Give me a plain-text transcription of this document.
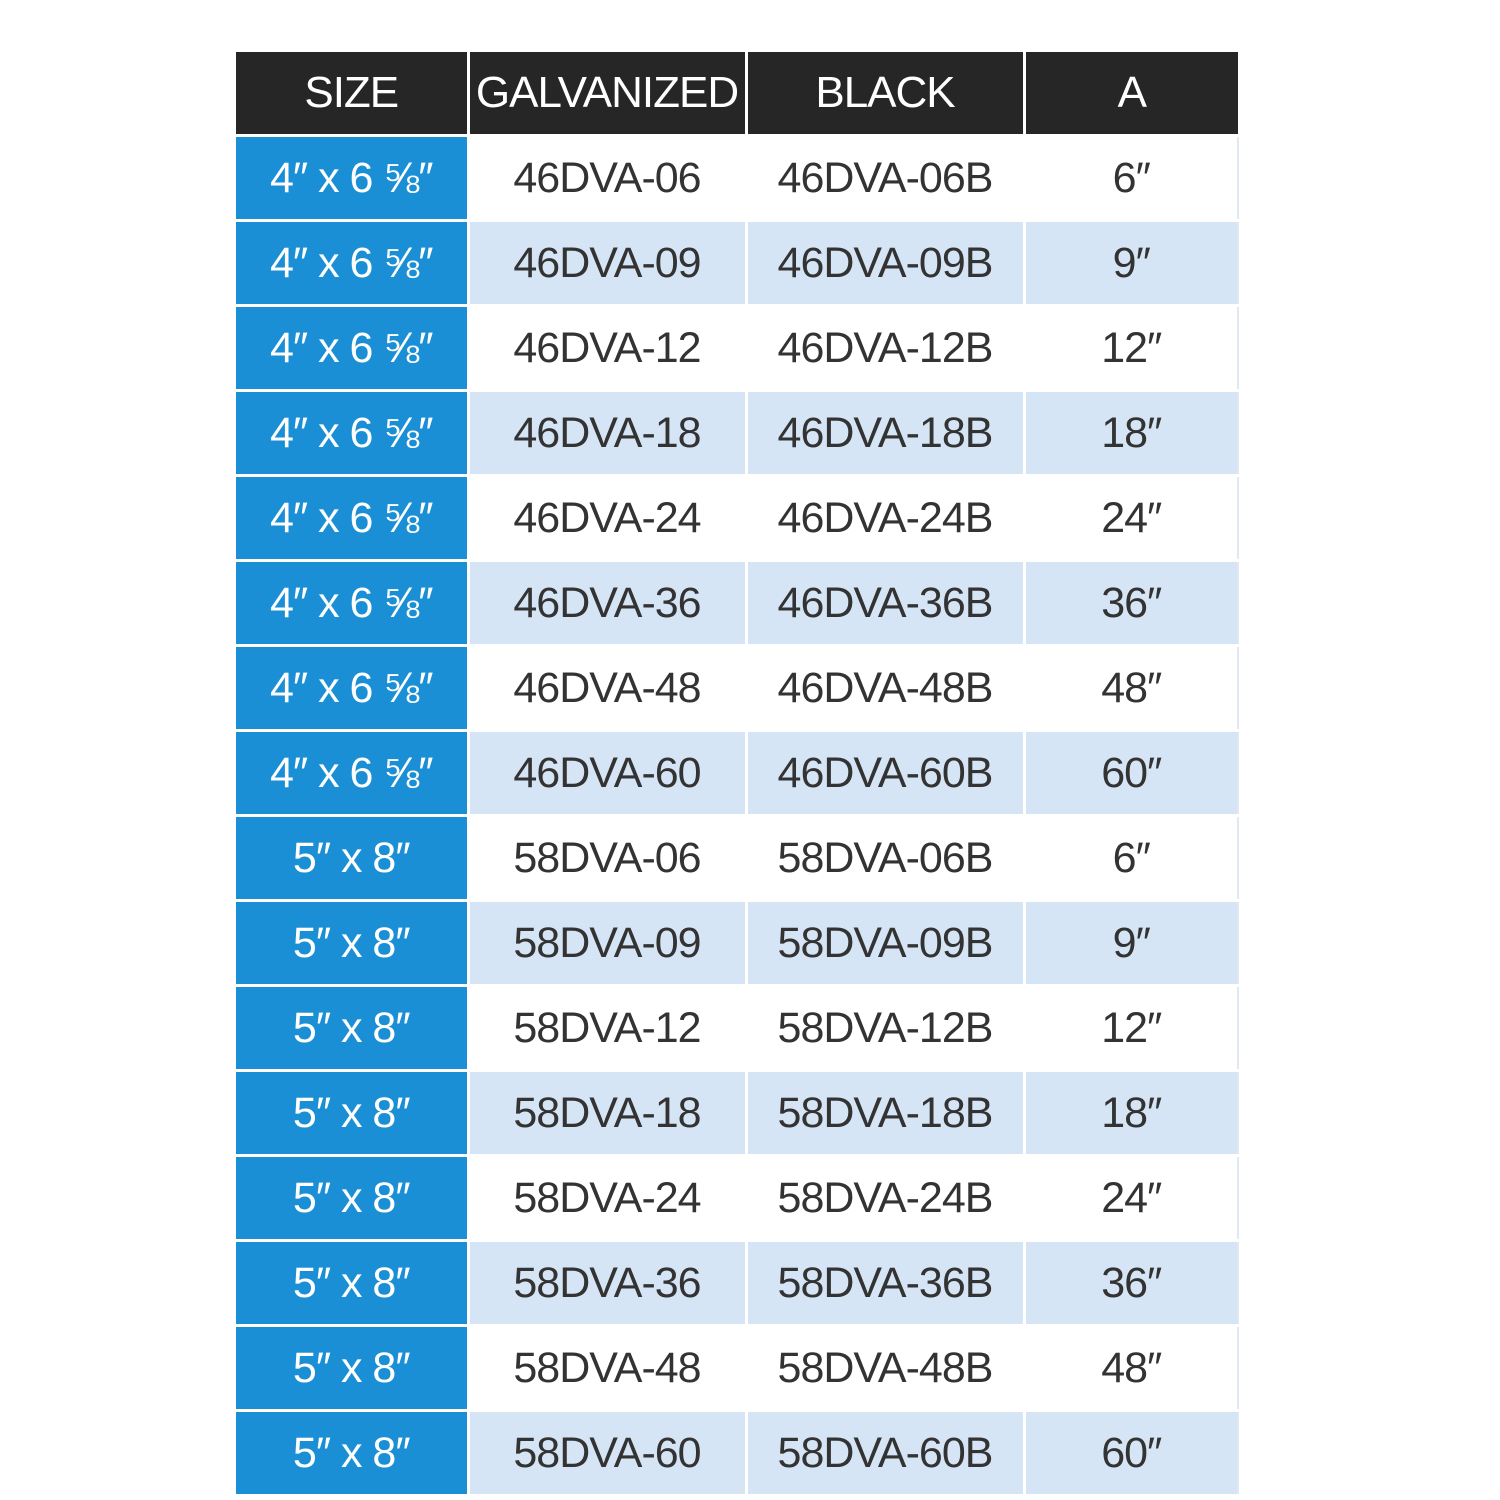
SIZE	GALVANIZED	BLACK	A
4″ x 6 ⅝″	46DVA-06	46DVA-06B	6″
4″ x 6 ⅝″	46DVA-09	46DVA-09B	9″
4″ x 6 ⅝″	46DVA-12	46DVA-12B	12″
4″ x 6 ⅝″	46DVA-18	46DVA-18B	18″
4″ x 6 ⅝″	46DVA-24	46DVA-24B	24″
4″ x 6 ⅝″	46DVA-36	46DVA-36B	36″
4″ x 6 ⅝″	46DVA-48	46DVA-48B	48″
4″ x 6 ⅝″	46DVA-60	46DVA-60B	60″
5″ x 8″	58DVA-06	58DVA-06B	6″
5″ x 8″	58DVA-09	58DVA-09B	9″
5″ x 8″	58DVA-12	58DVA-12B	12″
5″ x 8″	58DVA-18	58DVA-18B	18″
5″ x 8″	58DVA-24	58DVA-24B	24″
5″ x 8″	58DVA-36	58DVA-36B	36″
5″ x 8″	58DVA-48	58DVA-48B	48″
5″ x 8″	58DVA-60	58DVA-60B	60″
